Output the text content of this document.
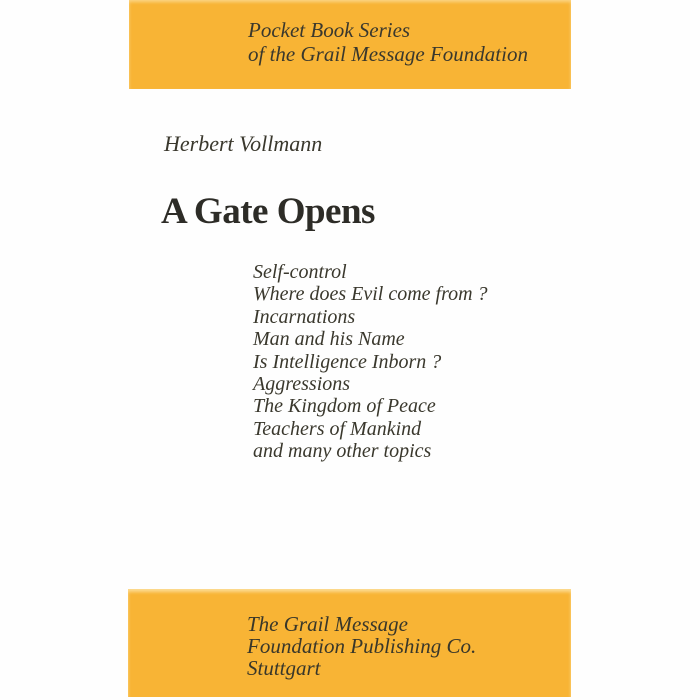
Pocket Book Series
of the Grail Message Foundation
Herbert Vollmann
A Gate Opens
Self-control
Where does Evil come from ?
Incarnations
Man and his Name
Is Intelligence Inborn ?
Aggressions
The Kingdom of Peace
Teachers of Mankind
and many other topics
The Grail Message
Foundation Publishing Co.
Stuttgart
